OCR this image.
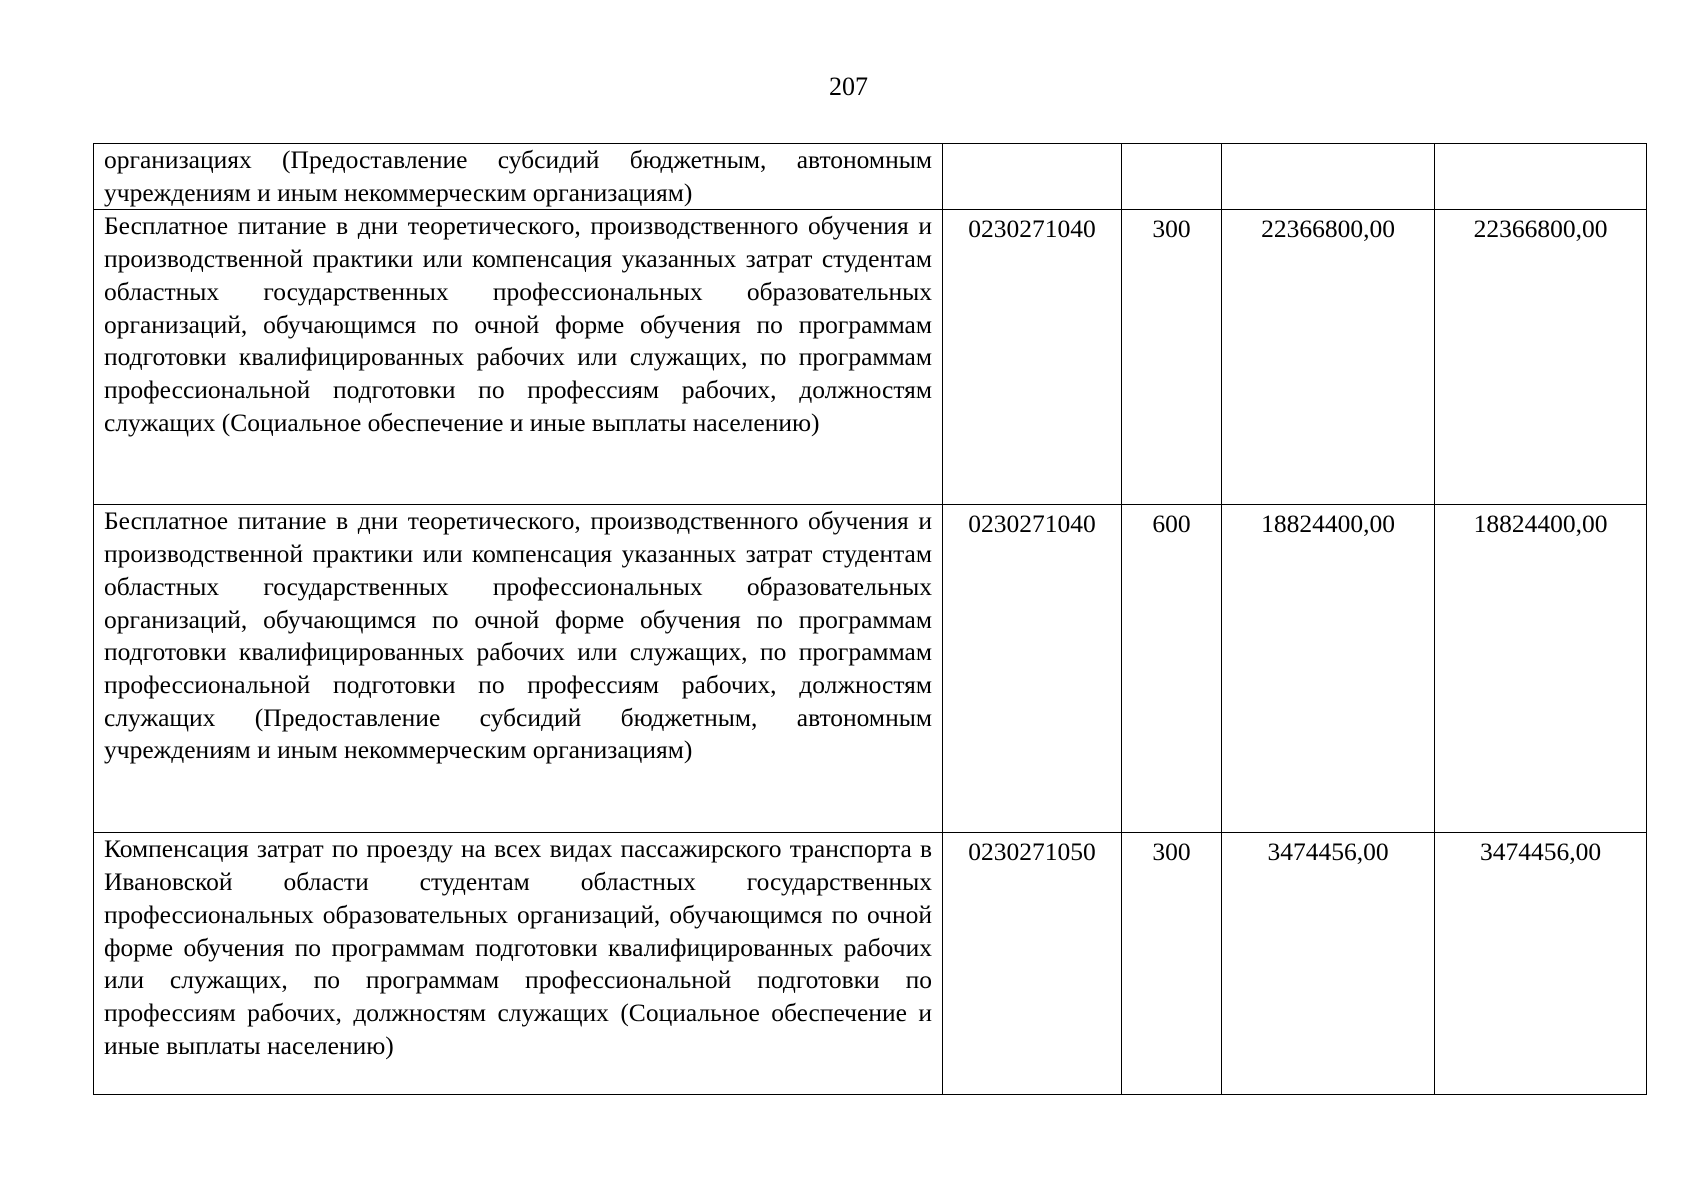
207
организациях (Предоставление субсидий бюджетным, автономным учреждениям и иным некоммерческим организациям)				

Бесплатное питание в дни теоретического, производственного обучения и производственной практики или компенсация указанных затрат студентам областных государственных профессиональных образовательных организаций, обучающимся по очной форме обучения по программам подготовки квалифицированных рабочих или служащих, по программам профессиональной подготовки по профессиям рабочих, должностям служащих (Социальное обеспечение и иные выплаты населению)	0230271040	300	22366800,00	22366800,00

Бесплатное питание в дни теоретического, производственного обучения и производственной практики или компенсация указанных затрат студентам областных государственных профессиональных образовательных организаций, обучающимся по очной форме обучения по программам подготовки квалифицированных рабочих или служащих, по программам профессиональной подготовки по профессиям рабочих, должностям служащих (Предоставление субсидий бюджетным, автономным учреждениям и иным некоммерческим организациям)	0230271040	600	18824400,00	18824400,00

Компенсация затрат по проезду на всех видах пассажирского транспорта в Ивановской области студентам областных государственных профессиональных образовательных организаций, обучающимся по очной форме обучения по программам подготовки квалифицированных рабочих или служащих, по программам профессиональной подготовки по профессиям рабочих, должностям служащих (Социальное обеспечение и иные выплаты населению)	0230271050	300	3474456,00	3474456,00
